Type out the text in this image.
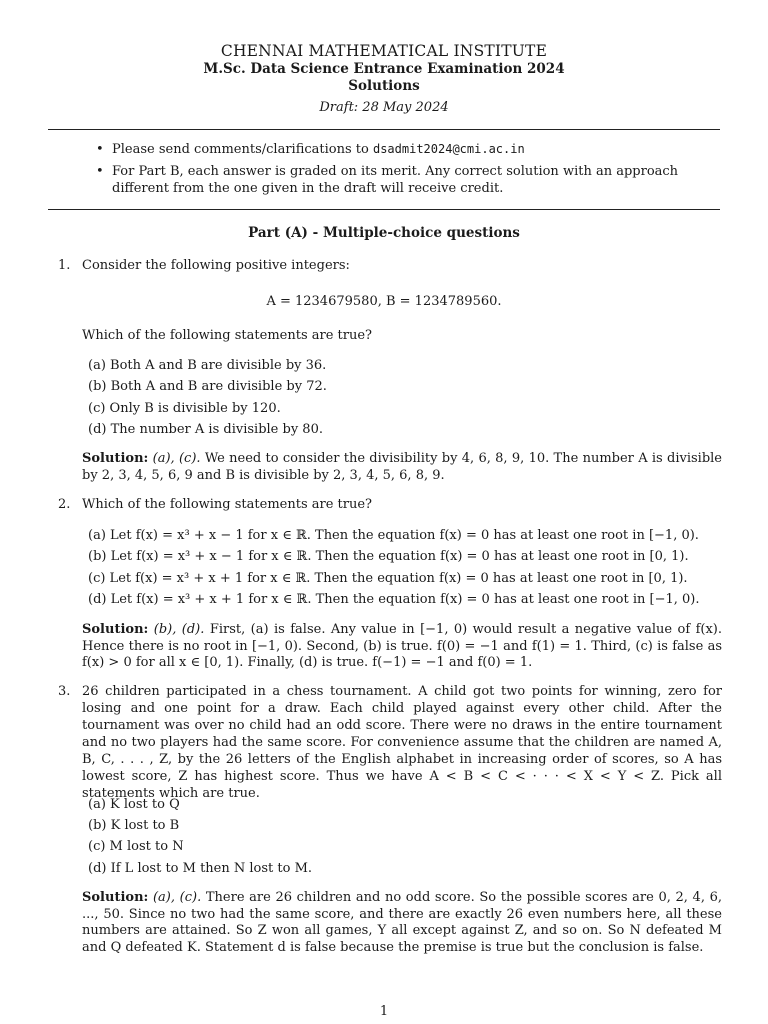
CHENNAI MATHEMATICAL INSTITUTE
M.Sc. Data Science Entrance Examination 2024
Solutions
Draft: 28 May 2024
• Please send comments/clarifications to dsadmit2024@cmi.ac.in
• For Part B, each answer is graded on its merit. Any correct solution with an approach different from the one given in the draft will receive credit.
Part (A) - Multiple-choice questions
1. Consider the following positive integers:
A = 1234679580, B = 1234789560.
Which of the following statements are true?
(a) Both A and B are divisible by 36.
(b) Both A and B are divisible by 72.
(c) Only B is divisible by 120.
(d) The number A is divisible by 80.
Solution: (a), (c). We need to consider the divisibility by 4, 6, 8, 9, 10. The number A is divisible by 2, 3, 4, 5, 6, 9 and B is divisible by 2, 3, 4, 5, 6, 8, 9.
2. Which of the following statements are true?
(a) Let f(x) = x³ + x − 1 for x ∈ ℝ. Then the equation f(x) = 0 has at least one root in [−1, 0).
(b) Let f(x) = x³ + x − 1 for x ∈ ℝ. Then the equation f(x) = 0 has at least one root in [0, 1).
(c) Let f(x) = x³ + x + 1 for x ∈ ℝ. Then the equation f(x) = 0 has at least one root in [0, 1).
(d) Let f(x) = x³ + x + 1 for x ∈ ℝ. Then the equation f(x) = 0 has at least one root in [−1, 0).
Solution: (b), (d). First, (a) is false. Any value in [−1, 0) would result a negative value of f(x). Hence there is no root in [−1, 0). Second, (b) is true. f(0) = −1 and f(1) = 1. Third, (c) is false as f(x) > 0 for all x ∈ [0, 1). Finally, (d) is true. f(−1) = −1 and f(0) = 1.
3. 26 children participated in a chess tournament. A child got two points for winning, zero for losing and one point for a draw. Each child played against every other child. After the tournament was over no child had an odd score. There were no draws in the entire tournament and no two players had the same score. For convenience assume that the children are named A, B, C, . . . , Z, by the 26 letters of the English alphabet in increasing order of scores, so A has lowest score, Z has highest score. Thus we have A < B < C < · · · < X < Y < Z. Pick all statements which are true.
(a) K lost to Q
(b) K lost to B
(c) M lost to N
(d) If L lost to M then N lost to M.
Solution: (a), (c). There are 26 children and no odd score. So the possible scores are 0, 2, 4, 6, ..., 50. Since no two had the same score, and there are exactly 26 even numbers here, all these numbers are attained. So Z won all games, Y all except against Z, and so on. So N defeated M and Q defeated K. Statement d is false because the premise is true but the conclusion is false.
1
